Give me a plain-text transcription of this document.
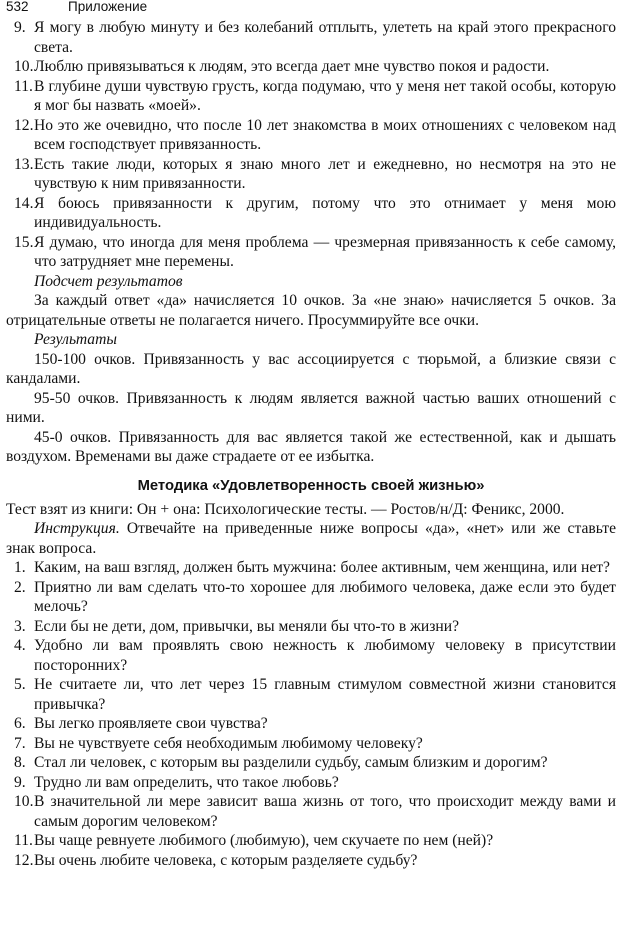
532	Приложение
9. Я могу в любую минуту и без колебаний отплыть, улететь на край этого прекрасного света.
10.Люблю привязываться к людям, это всегда дает мне чувство покоя и радости.
11.В глубине души чувствую грусть, когда подумаю, что у меня нет такой особы, которую я мог бы назвать «моей».
12.Но это же очевидно, что после 10 лет знакомства в моих отношениях с человеком над всем господствует привязанность.
13.Есть такие люди, которых я знаю много лет и ежедневно, но несмотря на это не чувствую к ним привязанности.
14.Я боюсь привязанности к другим, потому что это отнимает у меня мою индивидуальность.
15.Я думаю, что иногда для меня проблема — чрезмерная привязанность к себе самому, что затрудняет мне перемены.
Подсчет результатов
За каждый ответ «да» начисляется 10 очков. За «не знаю» начисляется 5 очков. За отрицательные ответы не полагается ничего. Просуммируйте все очки.
Результаты
150-100 очков. Привязанность у вас ассоциируется с тюрьмой, а близкие связи с кандалами.
95-50 очков. Привязанность к людям является важной частью ваших отношений с ними.
45-0 очков. Привязанность для вас является такой же естественной, как и дышать воздухом. Временами вы даже страдаете от ее избытка.
Методика «Удовлетворенность своей жизнью»
Тест взят из книги: Он + она: Психологические тесты. — Ростов/н/Д: Феникс, 2000.
Инструкция. Отвечайте на приведенные ниже вопросы «да», «нет» или же ставьте знак вопроса.
1. Каким, на ваш взгляд, должен быть мужчина: более активным, чем женщина, или нет?
2. Приятно ли вам сделать что-то хорошее для любимого человека, даже если это будет мелочь?
3. Если бы не дети, дом, привычки, вы меняли бы что-то в жизни?
4. Удобно ли вам проявлять свою нежность к любимому человеку в присутствии посторонних?
5. Не считаете ли, что лет через 15 главным стимулом совместной жизни становится привычка?
6. Вы легко проявляете свои чувства?
7. Вы не чувствуете себя необходимым любимому человеку?
8. Стал ли человек, с которым вы разделили судьбу, самым близким и дорогим?
9. Трудно ли вам определить, что такое любовь?
10.В значительной ли мере зависит ваша жизнь от того, что происходит между вами и самым дорогим человеком?
11.Вы чаще ревнуете любимого (любимую), чем скучаете по нем (ней)?
12.Вы очень любите человека, с которым разделяете судьбу?
